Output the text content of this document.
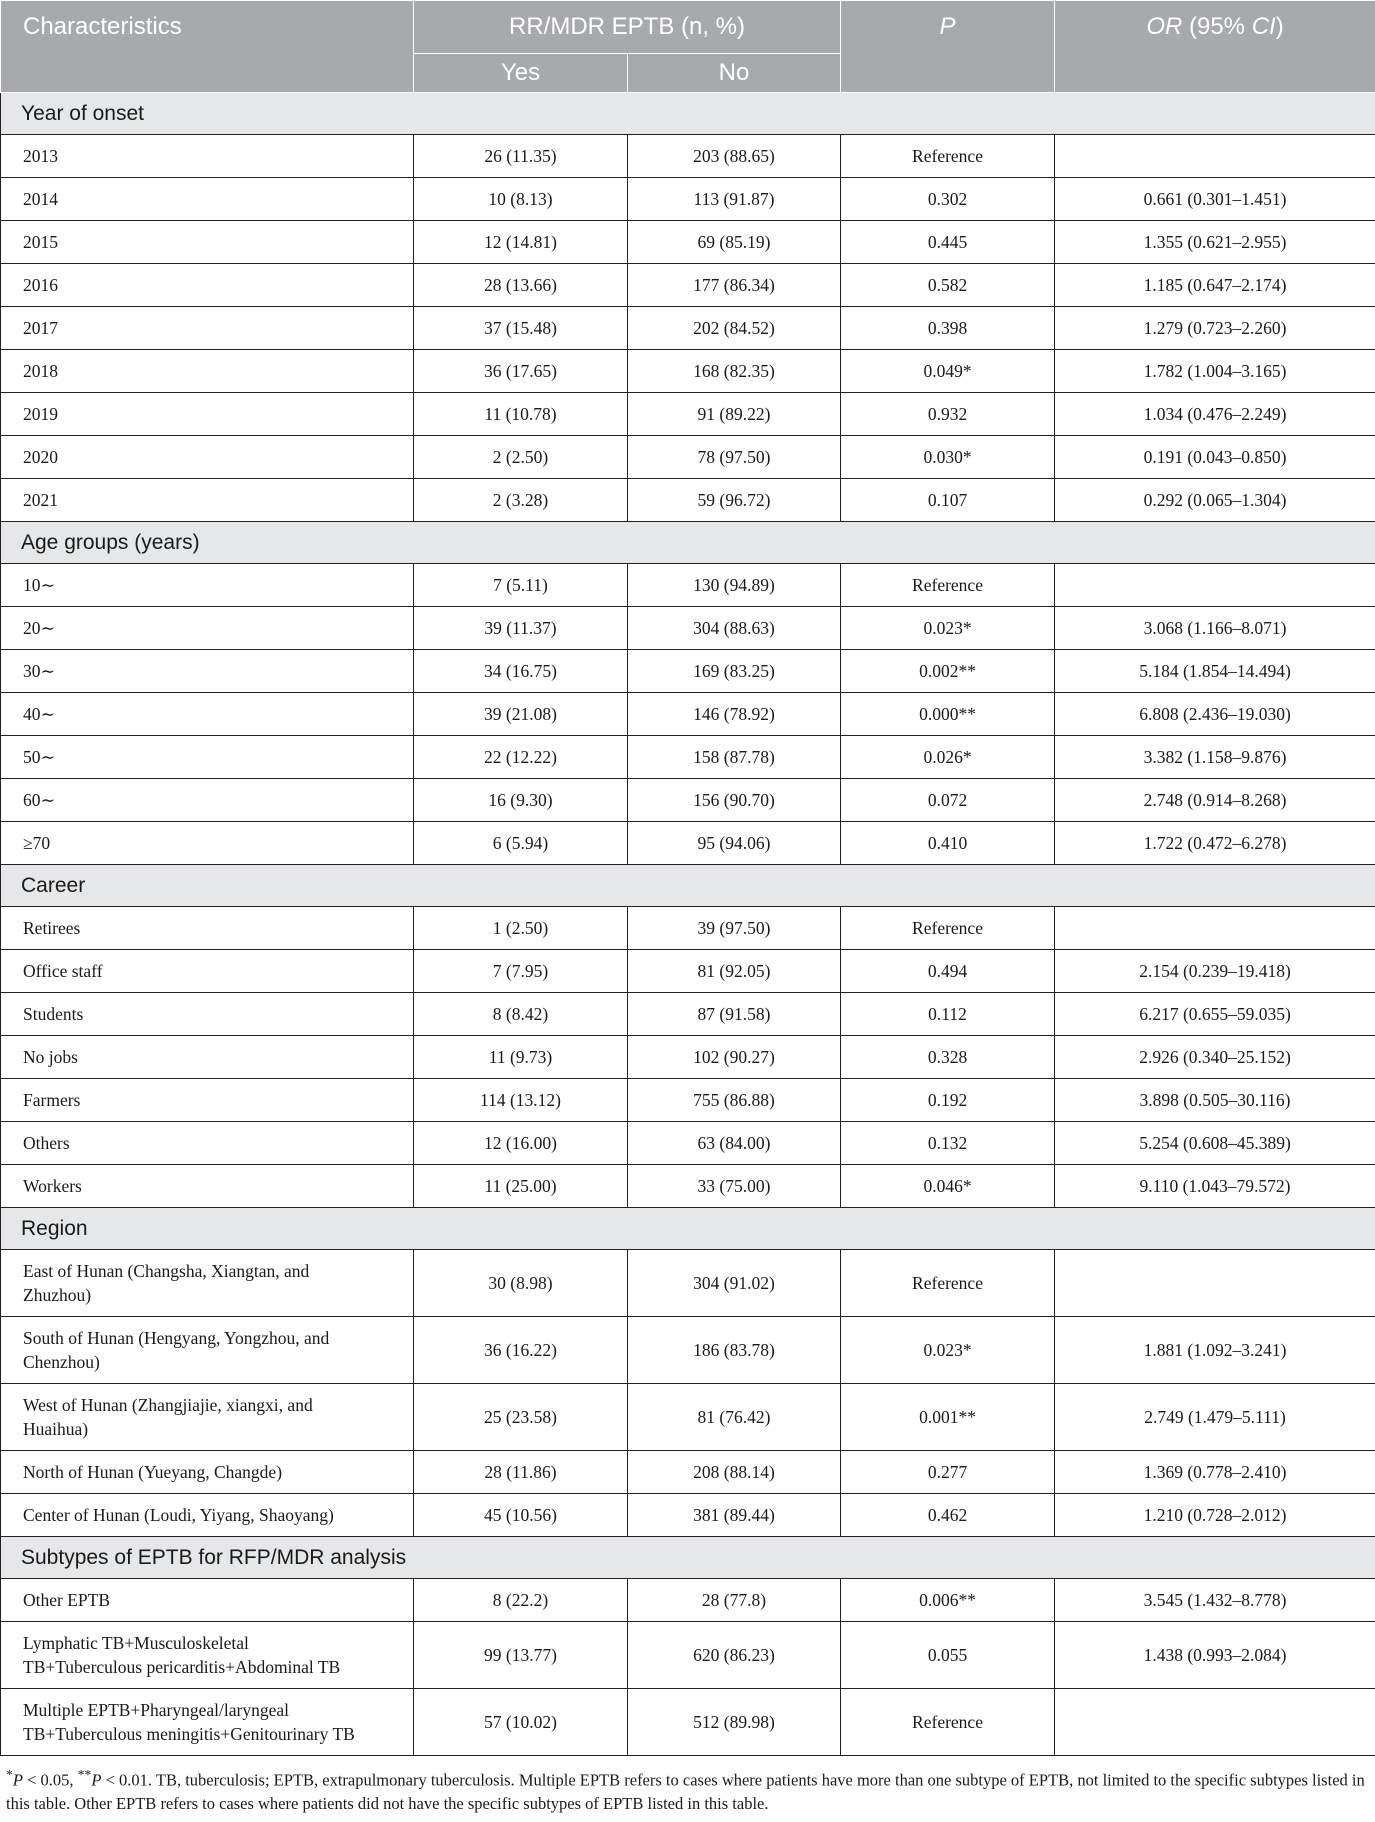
Characteristics	RR/MDR EPTB (n, %)		P	OR (95% CI)
	Yes	No		
Year of onset				
2013	26 (11.35)	203 (88.65)	Reference	
2014	10 (8.13)	113 (91.87)	0.302	0.661 (0.301–1.451)
2015	12 (14.81)	69 (85.19)	0.445	1.355 (0.621–2.955)
2016	28 (13.66)	177 (86.34)	0.582	1.185 (0.647–2.174)
2017	37 (15.48)	202 (84.52)	0.398	1.279 (0.723–2.260)
2018	36 (17.65)	168 (82.35)	0.049*	1.782 (1.004–3.165)
2019	11 (10.78)	91 (89.22)	0.932	1.034 (0.476–2.249)
2020	2 (2.50)	78 (97.50)	0.030*	0.191 (0.043–0.850)
2021	2 (3.28)	59 (96.72)	0.107	0.292 (0.065–1.304)
Age groups (years)				
10∼	7 (5.11)	130 (94.89)	Reference	
20∼	39 (11.37)	304 (88.63)	0.023*	3.068 (1.166–8.071)
30∼	34 (16.75)	169 (83.25)	0.002**	5.184 (1.854–14.494)
40∼	39 (21.08)	146 (78.92)	0.000**	6.808 (2.436–19.030)
50∼	22 (12.22)	158 (87.78)	0.026*	3.382 (1.158–9.876)
60∼	16 (9.30)	156 (90.70)	0.072	2.748 (0.914–8.268)
≥70	6 (5.94)	95 (94.06)	0.410	1.722 (0.472–6.278)
Career				
Retirees	1 (2.50)	39 (97.50)	Reference	
Office staff	7 (7.95)	81 (92.05)	0.494	2.154 (0.239–19.418)
Students	8 (8.42)	87 (91.58)	0.112	6.217 (0.655–59.035)
No jobs	11 (9.73)	102 (90.27)	0.328	2.926 (0.340–25.152)
Farmers	114 (13.12)	755 (86.88)	0.192	3.898 (0.505–30.116)
Others	12 (16.00)	63 (84.00)	0.132	5.254 (0.608–45.389)
Workers	11 (25.00)	33 (75.00)	0.046*	9.110 (1.043–79.572)
Region				

East of Hunan (Changsha, Xiangtan, and
Zhuzhou)	30 (8.98)	304 (91.02)	Reference	

South of Hunan (Hengyang, Yongzhou, and
Chenzhou)	36 (16.22)	186 (83.78)	0.023*	1.881 (1.092–3.241)

West of Hunan (Zhangjiajie, xiangxi, and
Huaihua)	25 (23.58)	81 (76.42)	0.001**	2.749 (1.479–5.111)
North of Hunan (Yueyang, Changde)	28 (11.86)	208 (88.14)	0.277	1.369 (0.778–2.410)
Center of Hunan (Loudi, Yiyang, Shaoyang)	45 (10.56)	381 (89.44)	0.462	1.210 (0.728–2.012)
Subtypes of EPTB for RFP/MDR analysis				
Other EPTB	8 (22.2)	28 (77.8)	0.006**	3.545 (1.432–8.778)

Lymphatic TB+Musculoskeletal
TB+Tuberculous pericarditis+Abdominal TB	99 (13.77)	620 (86.23)	0.055	1.438 (0.993–2.084)

Multiple EPTB+Pharyngeal/laryngeal
TB+Tuberculous meningitis+Genitourinary TB	57 (10.02)	512 (89.98)	Reference	

*P < 0.05, **P < 0.01. TB, tuberculosis; EPTB, extrapulmonary tuberculosis. Multiple EPTB refers to cases where patients have more than one subtype of EPTB, not limited to the specific subtypes listed in this table. Other EPTB refers to cases where patients did not have the specific subtypes of EPTB listed in this table.
